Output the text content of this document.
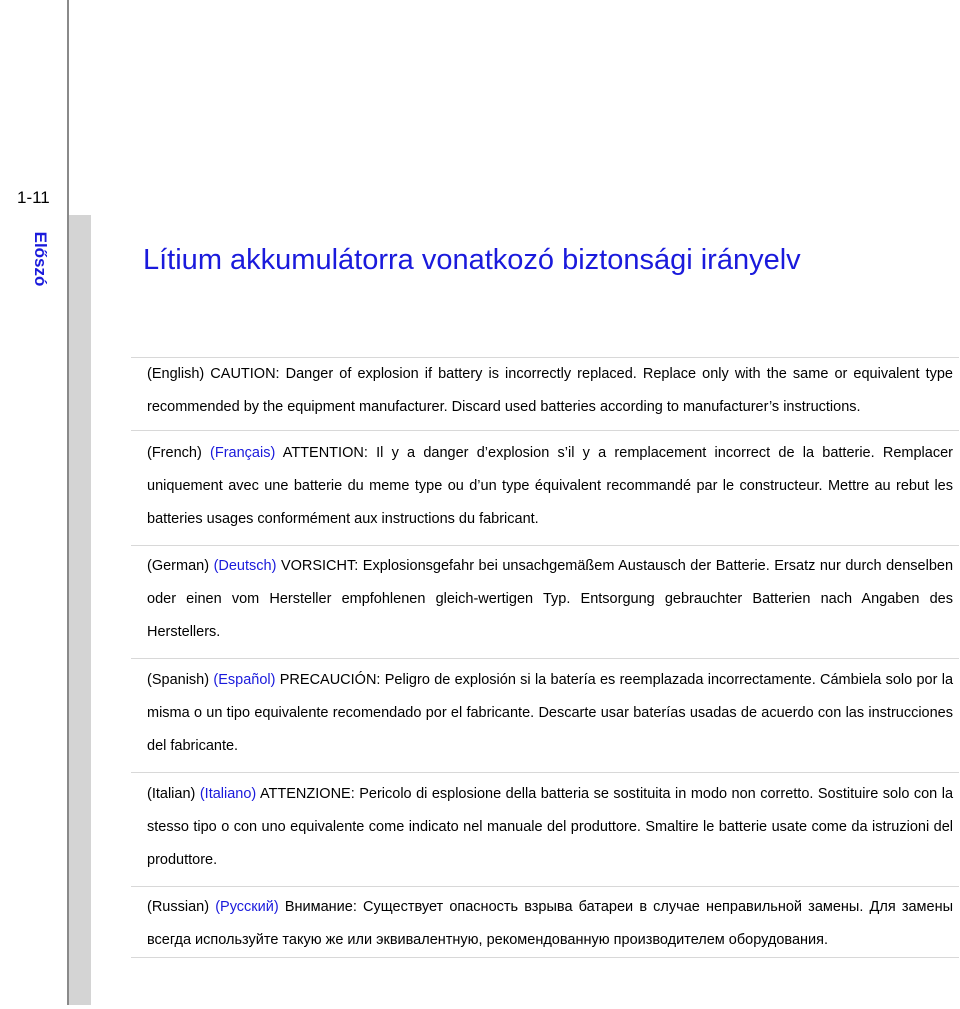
1-11
Előszó	Lítium akkumulátorra vonatkozó biztonsági irányelv

(English) CAUTION: Danger of explosion if battery is incorrectly replaced. Replace only with the same or equivalent type recommended by the equipment manufacturer. Discard used batteries according to manufacturer’s instructions.

(French) (Français) ATTENTION: Il y a danger d’explosion s’il y a remplacement incorrect de la batterie. Remplacer uniquement avec une batterie du meme type ou d’un type équivalent recommandé par le constructeur. Mettre au rebut les batteries usages conformément aux instructions du fabricant.

(German) (Deutsch) VORSICHT: Explosionsgefahr bei unsachgemäßem Austausch der Batterie. Ersatz nur durch denselben oder einen vom Hersteller empfohlenen gleich-wertigen Typ. Entsorgung gebrauchter Batterien nach Angaben des Herstellers.

(Spanish) (Español) PRECAUCIÓN: Peligro de explosión si la batería es reemplazada incorrectamente. Cámbiela solo por la misma o un tipo equivalente recomendado por el fabricante. Descarte usar baterías usadas de acuerdo con las instrucciones del fabricante.

(Italian) (Italiano) ATTENZIONE: Pericolo di esplosione della batteria se sostituita in modo non corretto. Sostituire solo con la stesso tipo o con uno equivalente come indicato nel manuale del produttore. Smaltire le batterie usate come da istruzioni del produttore.

(Russian) (Русский) Внимание: Существует опасность взрыва батареи в случае неправильной замены. Для замены всегда используйте такую же или эквивалентную, рекомендованную производителем оборудования.
